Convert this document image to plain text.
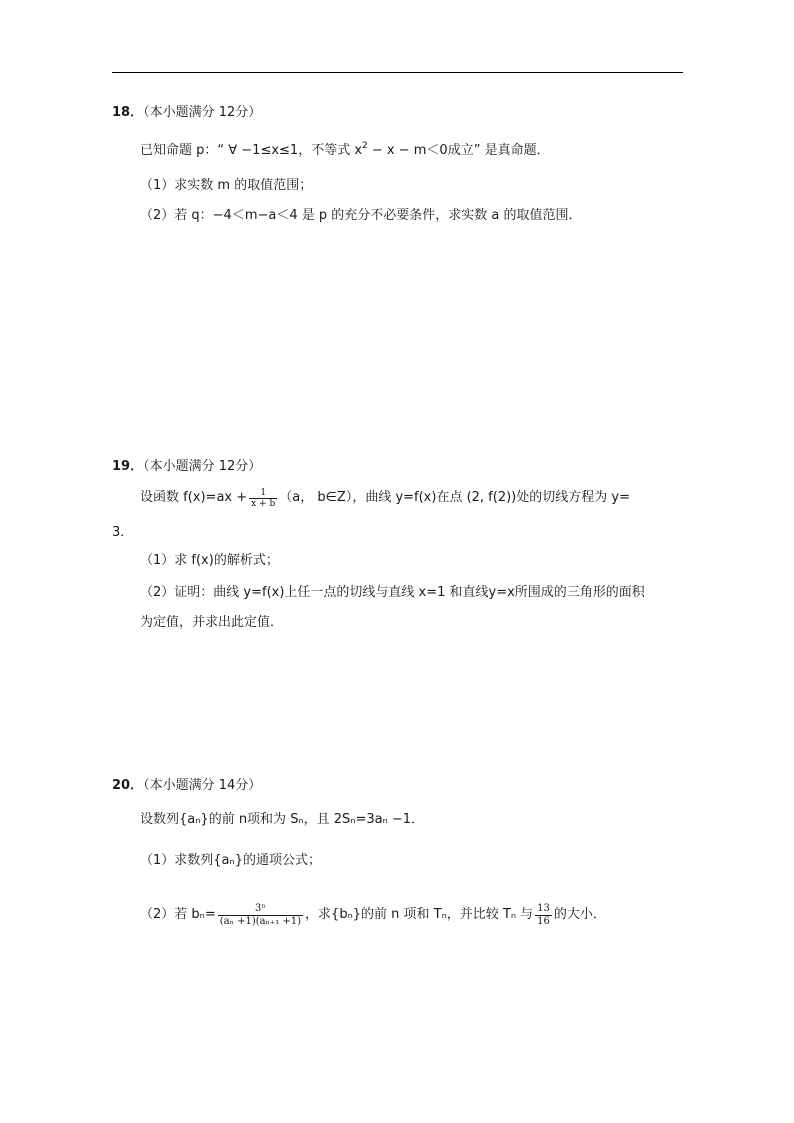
18．（本小题满分 12分）
已知命题 p：“ ∀ −1≤x≤1，不等式 $x^2 - x - m<0$成立” 是真命题．
（1）求实数 m 的取值范围；
（2）若 q：−4＜m−a＜4 是 p 的充分不必要条件，求实数 a 的取值范围．
19．（本小题满分 12分）
设函数 $f(x)=ax + \frac{1}{x + b} (a$， b∈Z），曲线 y=f(x)在点 (2, f(2))处的切线方程为 y=
3．
（1）求 f(x)的解析式；
（2）证明：曲线 y=f(x)上任一点的切线与直线 x=1 和直线y=x所围成的三角形的面积
为定值，并求出此定值．
20．（本小题满分 14分）
设数列{aₙ}的前 n项和为 Sₙ，且 2Sₙ=3aₙ −1．
（1）求数列{aₙ}的通项公式；
（2）若 $b_n= \frac{\text{3ⁿ}}{\text{(aₙ +1)(aₙ₊₁ +1)}}$ ，求{bₙ}的前 n 项和 Tₙ，并比较 Tₙ 与 $\frac{13}{16}$ 的大小．
